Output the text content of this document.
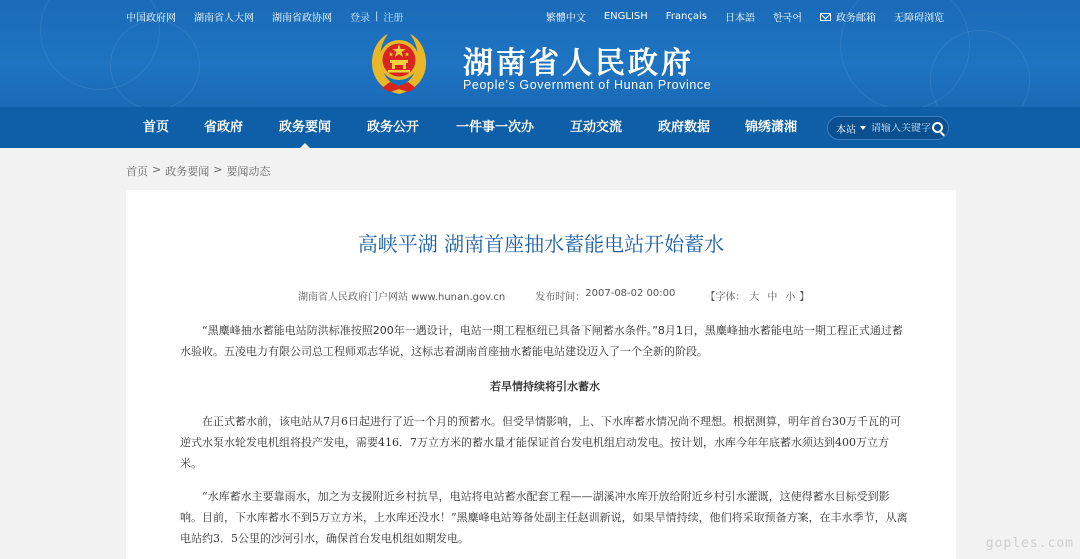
中国政府网 湖南省人大网 湖南省政协网 登录 | 注册	繁體中文 ENGLISH Français 日本語 한국어	政务邮箱 无障碍浏览
湖南省人民政府
People's Government of Hunan Province
首页	省政府	政务要闻	政务公开	一件事一次办	互动交流	政府数据	锦绣潇湘	本站
请输入关键字
首页 > 政务要闻 > 要闻动态
高峡平湖 湖南首座抽水蓄能电站开始蓄水
湖南省人民政府门户网站 www.hunan.gov.cn	发布时间： 2007-08-02 00:00	【字体： 大 中 小 】

“黑麋峰抽水蓄能电站防洪标准按照200年一遇设计，电站一期工程枢纽已具备下闸蓄水条件。”8月1日，黑麋峰抽水蓄能电站一期工程正式通过蓄水验收。五凌电力有限公司总工程师邓志华说，这标志着湖南首座抽水蓄能电站建设迈入了一个全新的阶段。

若旱情持续将引水蓄水

在正式蓄水前，该电站从7月6日起进行了近一个月的预蓄水。但受旱情影响，上、下水库蓄水情况尚不理想。根据测算，明年首台30万千瓦的可逆式水泵水轮发电机组将投产发电，需要416．7万立方米的蓄水量才能保证首台发电机组启动发电。按计划，水库今年年底蓄水须达到400万立方米。

“水库蓄水主要靠雨水，加之为支援附近乡村抗旱，电站将电站蓄水配套工程——湖溪冲水库开放给附近乡村引水灌溉，这使得蓄水目标受到影响。目前，下水库蓄水不到5万立方米，上水库还没水！”黑麋峰电站筹备处副主任赵训新说，如果旱情持续，他们将采取预备方案，在丰水季节，从离电站约3．5公里的沙河引水，确保首台发电机组如期发电。	goples.com
